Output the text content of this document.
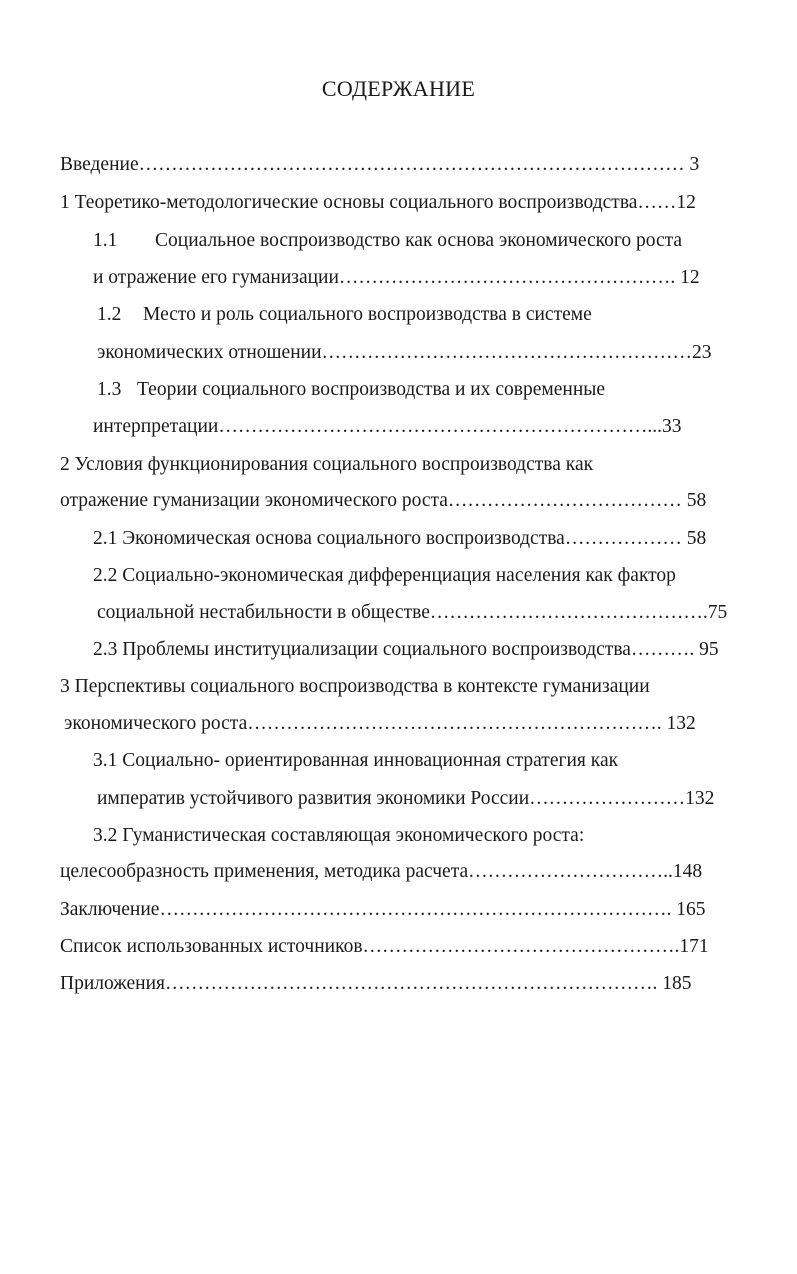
СОДЕРЖАНИЕ
Введение………………………………………………………………………… 3
1 Теоретико-методологические основы социального воспроизводства……12
1.1 Социальное воспроизводство как основа экономического роста
и отражение его гуманизации……………………………………………. 12
1.2 Место и роль социального воспроизводства в системе
экономических отношении…………………………………………………23
1.3 Теории социального воспроизводства и их современные
интерпретации…………………………………………………………...33
2 Условия функционирования социального воспроизводства как
отражение гуманизации экономического роста……………………………… 58
2.1 Экономическая основа социального воспроизводства……………… 58
2.2 Социально-экономическая дифференциация населения как фактор
социальной нестабильности в обществе…………………………………….75
2.3 Проблемы институциализации социального воспроизводства………. 95
3 Перспективы социального воспроизводства в контексте гуманизации
экономического роста………………………………………………………. 132
3.1 Социально- ориентированная инновационная стратегия как
императив устойчивого развития экономики России……………………132
3.2 Гуманистическая составляющая экономического роста:
целесообразность применения, методика расчета…………………………..148
Заключение……………………………………………………………………. 165
Список использованных источников………………………………………….171
Приложения…………………………………………………………………. 185
